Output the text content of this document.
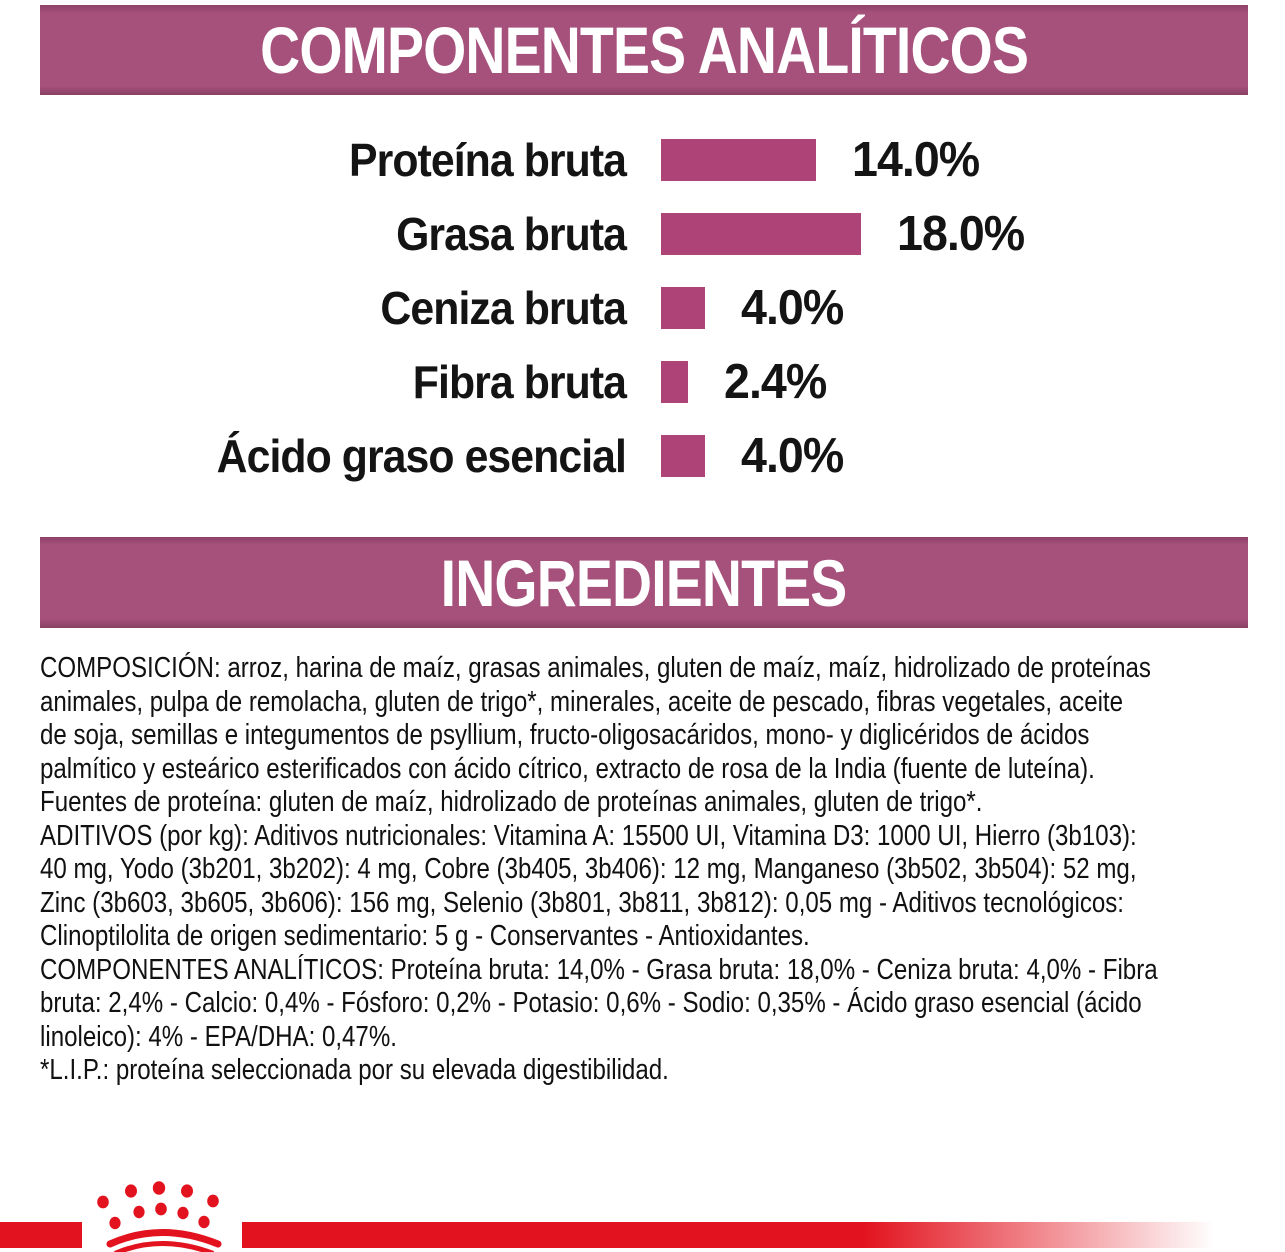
COMPONENTES ANALÍTICOS
Proteína bruta	14.0%
Grasa bruta	18.0%
Ceniza bruta 4.0%
Fibra bruta 2.4%
Ácido graso esencial 4.0%
INGREDIENTES
COMPOSICIÓN: arroz, harina de maíz, grasas animales, gluten de maíz, maíz, hidrolizado de proteínas
animales, pulpa de remolacha, gluten de trigo*, minerales, aceite de pescado, fibras vegetales, aceite
de soja, semillas e integumentos de psyllium, fructo-oligosacáridos, mono- y diglicéridos de ácidos
palmítico y esteárico esterificados con ácido cítrico, extracto de rosa de la India (fuente de luteína).
Fuentes de proteína: gluten de maíz, hidrolizado de proteínas animales, gluten de trigo*.
ADITIVOS (por kg): Aditivos nutricionales: Vitamina A: 15500 UI, Vitamina D3: 1000 UI, Hierro (3b103):
40 mg, Yodo (3b201, 3b202): 4 mg, Cobre (3b405, 3b406): 12 mg, Manganeso (3b502, 3b504): 52 mg,
Zinc (3b603, 3b605, 3b606): 156 mg, Selenio (3b801, 3b811, 3b812): 0,05 mg - Aditivos tecnológicos:
Clinoptilolita de origen sedimentario: 5 g - Conservantes - Antioxidantes.
COMPONENTES ANALÍTICOS: Proteína bruta: 14,0% - Grasa bruta: 18,0% - Ceniza bruta: 4,0% - Fibra
bruta: 2,4% - Calcio: 0,4% - Fósforo: 0,2% - Potasio: 0,6% - Sodio: 0,35% - Ácido graso esencial (ácido
linoleico): 4% - EPA/DHA: 0,47%.
*L.I.P.: proteína seleccionada por su elevada digestibilidad.
